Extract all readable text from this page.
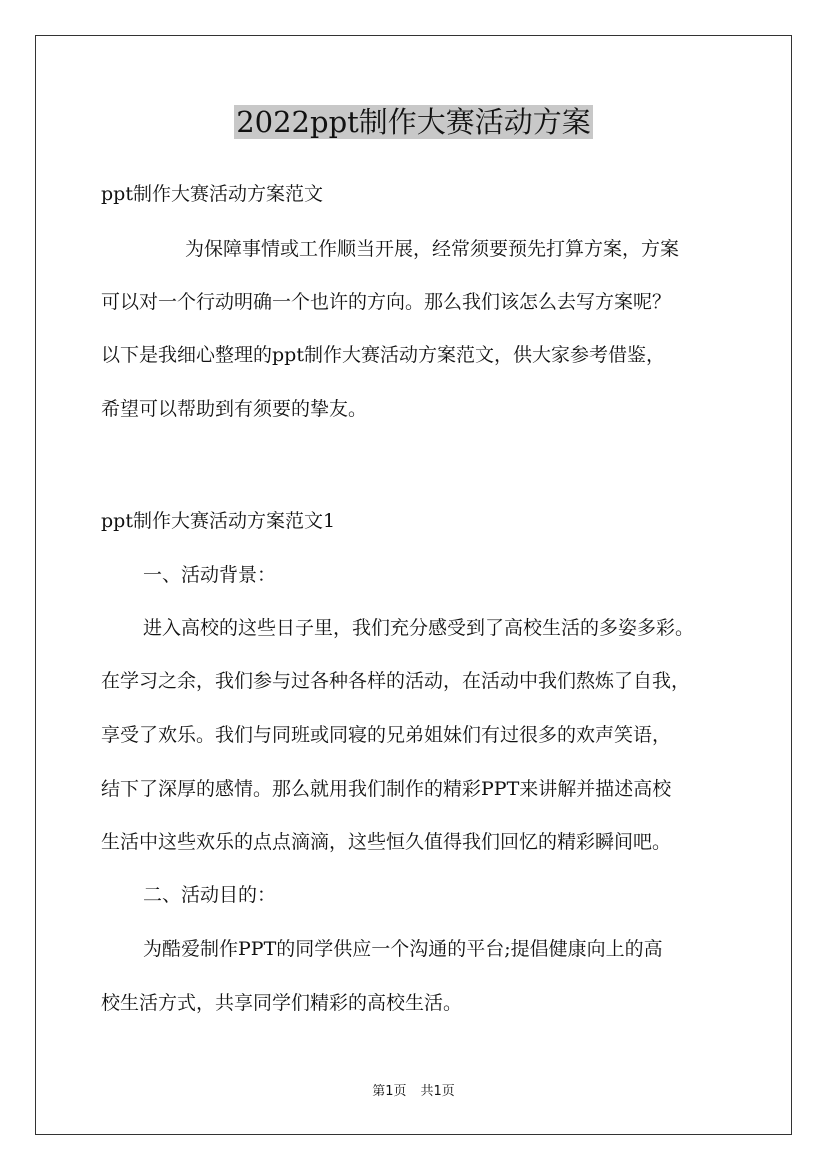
2022ppt制作大赛活动方案

ppt制作大赛活动方案范文

为保障事情或工作顺当开展，经常须要预先打算方案，方案

可以对一个行动明确一个也许的方向。那么我们该怎么去写方案呢？

以下是我细心整理的ppt制作大赛活动方案范文，供大家参考借鉴，

希望可以帮助到有须要的挚友。

ppt制作大赛活动方案范文1

一、活动背景：

进入高校的这些日子里，我们充分感受到了高校生活的多姿多彩。

在学习之余，我们参与过各种各样的活动，在活动中我们熬炼了自我，

享受了欢乐。我们与同班或同寝的兄弟姐妹们有过很多的欢声笑语，

结下了深厚的感情。那么就用我们制作的精彩PPT来讲解并描述高校

生活中这些欢乐的点点滴滴，这些恒久值得我们回忆的精彩瞬间吧。

二、活动目的：

为酷爱制作PPT的同学供应一个沟通的平台;提倡健康向上的高

校生活方式，共享同学们精彩的高校生活。

第1页 共1页
